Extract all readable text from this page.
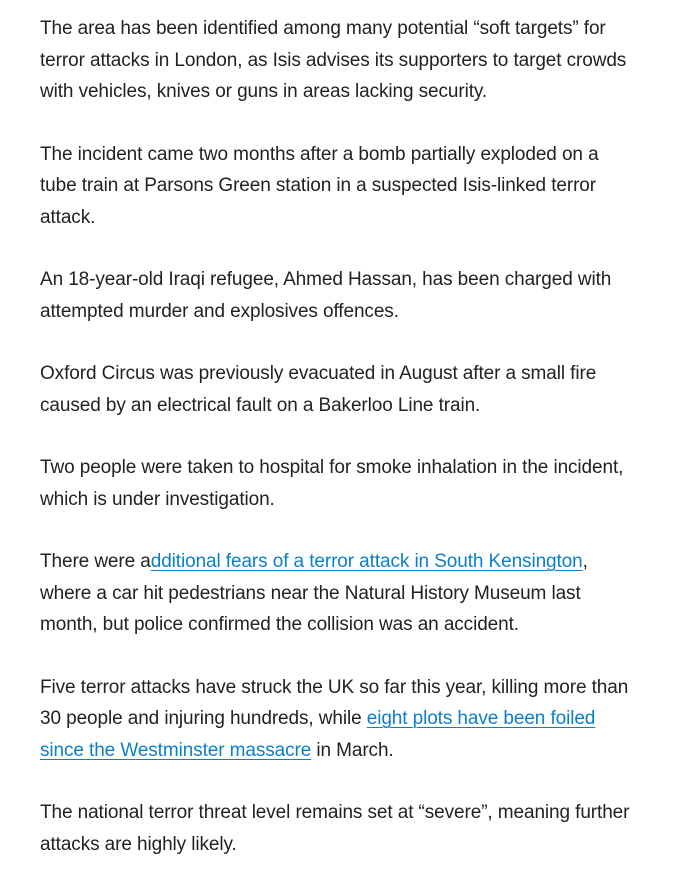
The area has been identified among many potential “soft targets” for terror attacks in London, as Isis advises its supporters to target crowds with vehicles, knives or guns in areas lacking security.

The incident came two months after a bomb partially exploded on a tube train at Parsons Green station in a suspected Isis-linked terror attack.

An 18-year-old Iraqi refugee, Ahmed Hassan, has been charged with attempted murder and explosives offences.

Oxford Circus was previously evacuated in August after a small fire caused by an electrical fault on a Bakerloo Line train.

Two people were taken to hospital for smoke inhalation in the incident, which is under investigation.

There were additional fears of a terror attack in South Kensington, where a car hit pedestrians near the Natural History Museum last month, but police confirmed the collision was an accident.

Five terror attacks have struck the UK so far this year, killing more than 30 people and injuring hundreds, while eight plots have been foiled since the Westminster massacre in March.

The national terror threat level remains set at “severe”, meaning further attacks are highly likely.
